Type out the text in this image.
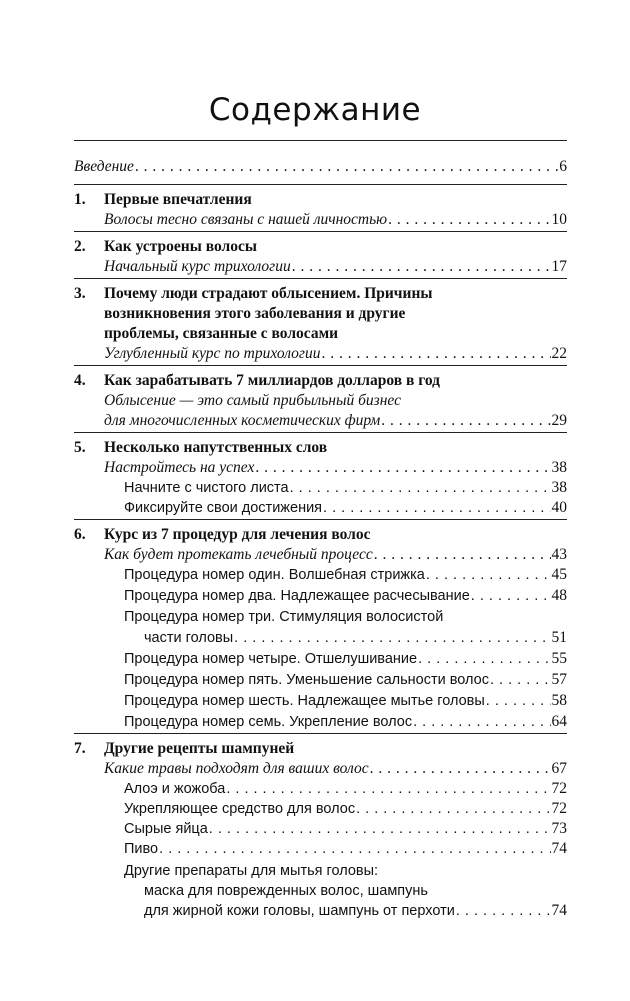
Содержание
Введение . . .	6
1. Первые впечатления
Волосы тесно связаны с нашей личностью . . .	10
2. Как устроены волосы
Начальный курс трихологии . . .	17
3. Почему люди страдают облысением. Причины
возникновения этого заболевания и другие
проблемы, связанные с волосами
Углубленный курс по трихологии . . .	22
4. Как зарабатывать 7 миллиардов долларов в год
Облысение — это самый прибыльный бизнес
для многочисленных косметических фирм . . .	29
5. Несколько напутственных слов
Настройтесь на успех . . .	38
Начните с чистого листа . . .	38
Фиксируйте свои достижения . . .	40
6. Курс из 7 процедур для лечения волос
Как будет протекать лечебный процесс . . .	43
Процедура номер один. Волшебная стрижка . . .	45
Процедура номер два. Надлежащее расчесывание . . .	48
Процедура номер три. Стимуляция волосистой
части головы . . .	51
Процедура номер четыре. Отшелушивание . . .	55
Процедура номер пять. Уменьшение сальности волос . . .	57
Процедура номер шесть. Надлежащее мытье головы . . .	58
Процедура номер семь. Укрепление волос . . .	64
7. Другие рецепты шампуней
Какие травы подходят для ваших волос . . .	67
Алоэ и жожоба . . .	72
Укрепляющее средство для волос . . .	72
Сырые яйца . . .	73
Пиво . . .	74
Другие препараты для мытья головы:
маска для поврежденных волос, шампунь
для жирной кожи головы, шампунь от перхоти . . .	74
